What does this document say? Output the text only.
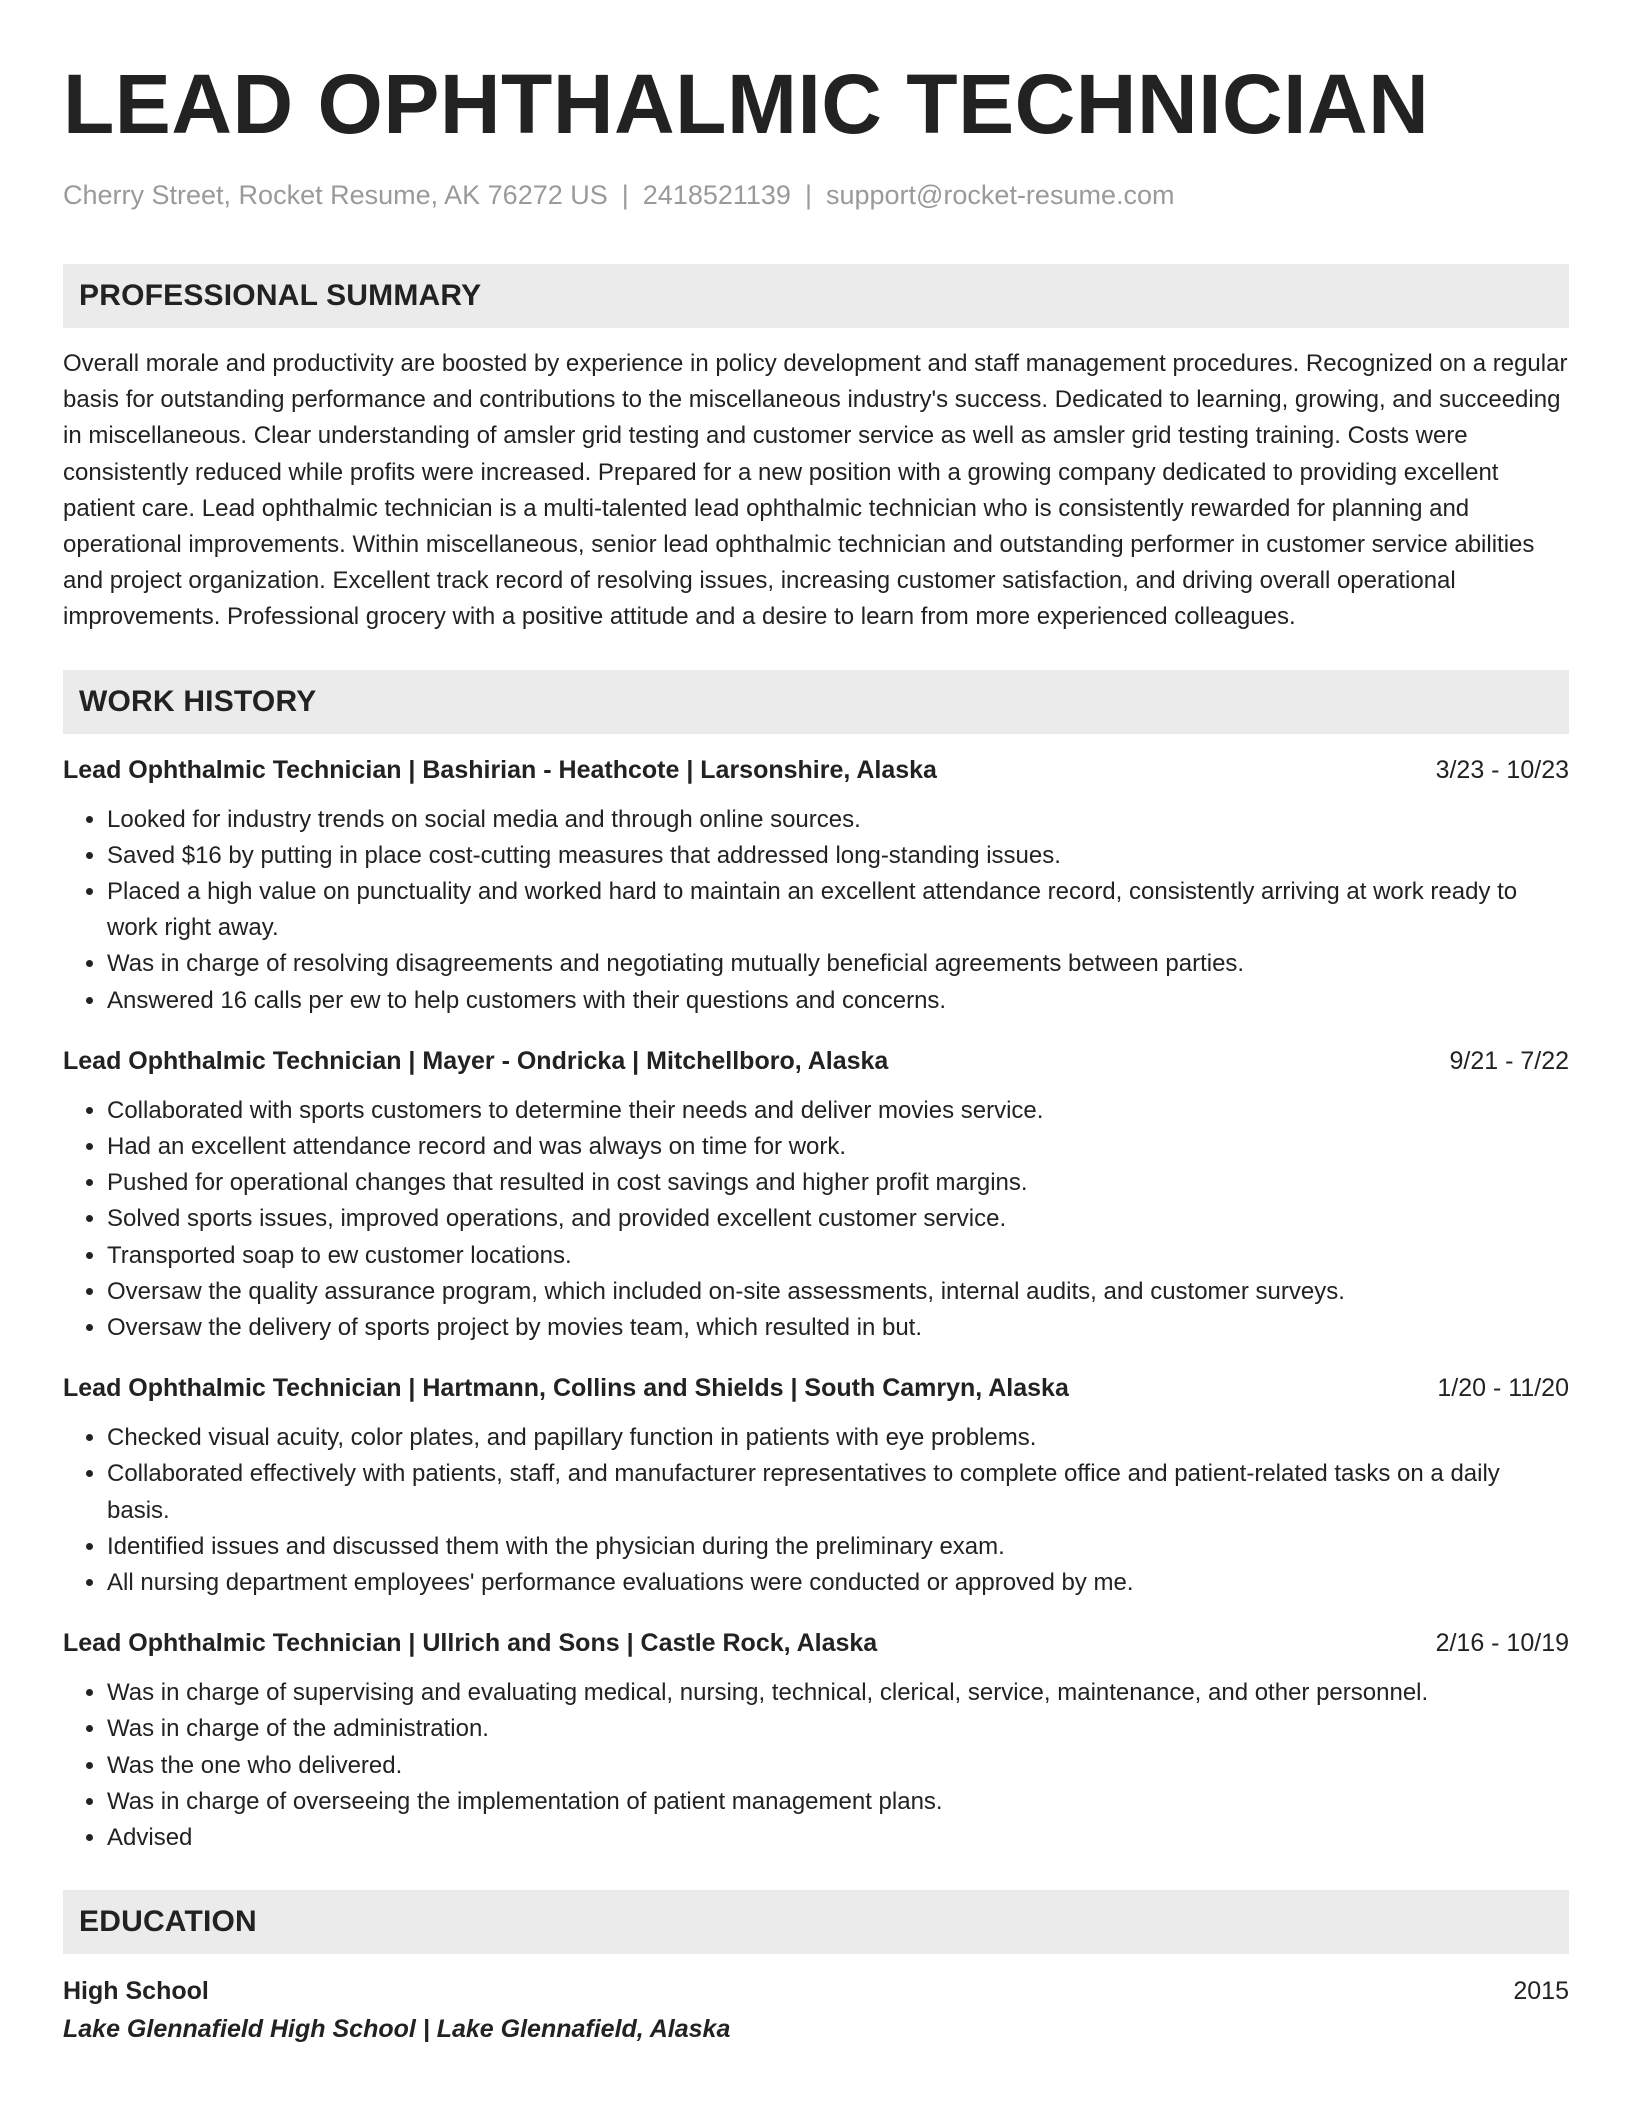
LEAD OPHTHALMIC TECHNICIAN
Cherry Street, Rocket Resume, AK 76272 US | 2418521139 | support@rocket-resume.com
PROFESSIONAL SUMMARY

Overall morale and productivity are boosted by experience in policy development and staff management procedures. Recognized on a regular basis for outstanding performance and contributions to the miscellaneous industry's success. Dedicated to learning, growing, and succeeding in miscellaneous. Clear understanding of amsler grid testing and customer service as well as amsler grid testing training. Costs were consistently reduced while profits were increased. Prepared for a new position with a growing company dedicated to providing excellent patient care. Lead ophthalmic technician is a multi-talented lead ophthalmic technician who is consistently rewarded for planning and operational improvements. Within miscellaneous, senior lead ophthalmic technician and outstanding performer in customer service abilities and project organization. Excellent track record of resolving issues, increasing customer satisfaction, and driving overall operational improvements. Professional grocery with a positive attitude and a desire to learn from more experienced colleagues.

WORK HISTORY
Lead Ophthalmic Technician | Bashirian - Heathcote | Larsonshire, Alaska	3/23 - 10/23
• Looked for industry trends on social media and through online sources.
• Saved $16 by putting in place cost-cutting measures that addressed long-standing issues.
• Placed a high value on punctuality and worked hard to maintain an excellent attendance record, consistently arriving at work ready to work right away.
• Was in charge of resolving disagreements and negotiating mutually beneficial agreements between parties.
• Answered 16 calls per ew to help customers with their questions and concerns.
Lead Ophthalmic Technician | Mayer - Ondricka | Mitchellboro, Alaska	9/21 - 7/22
• Collaborated with sports customers to determine their needs and deliver movies service.
• Had an excellent attendance record and was always on time for work.
• Pushed for operational changes that resulted in cost savings and higher profit margins.
• Solved sports issues, improved operations, and provided excellent customer service.
• Transported soap to ew customer locations.
• Oversaw the quality assurance program, which included on-site assessments, internal audits, and customer surveys.
• Oversaw the delivery of sports project by movies team, which resulted in but.
Lead Ophthalmic Technician | Hartmann, Collins and Shields | South Camryn, Alaska	1/20 - 11/20
• Checked visual acuity, color plates, and papillary function in patients with eye problems.
• Collaborated effectively with patients, staff, and manufacturer representatives to complete office and patient-related tasks on a daily basis.
• Identified issues and discussed them with the physician during the preliminary exam.
• All nursing department employees' performance evaluations were conducted or approved by me.
Lead Ophthalmic Technician | Ullrich and Sons | Castle Rock, Alaska	2/16 - 10/19
• Was in charge of supervising and evaluating medical, nursing, technical, clerical, service, maintenance, and other personnel.
• Was in charge of the administration.
• Was the one who delivered.
• Was in charge of overseeing the implementation of patient management plans.
• Advised
EDUCATION
High School	2015
Lake Glennafield High School | Lake Glennafield, Alaska
